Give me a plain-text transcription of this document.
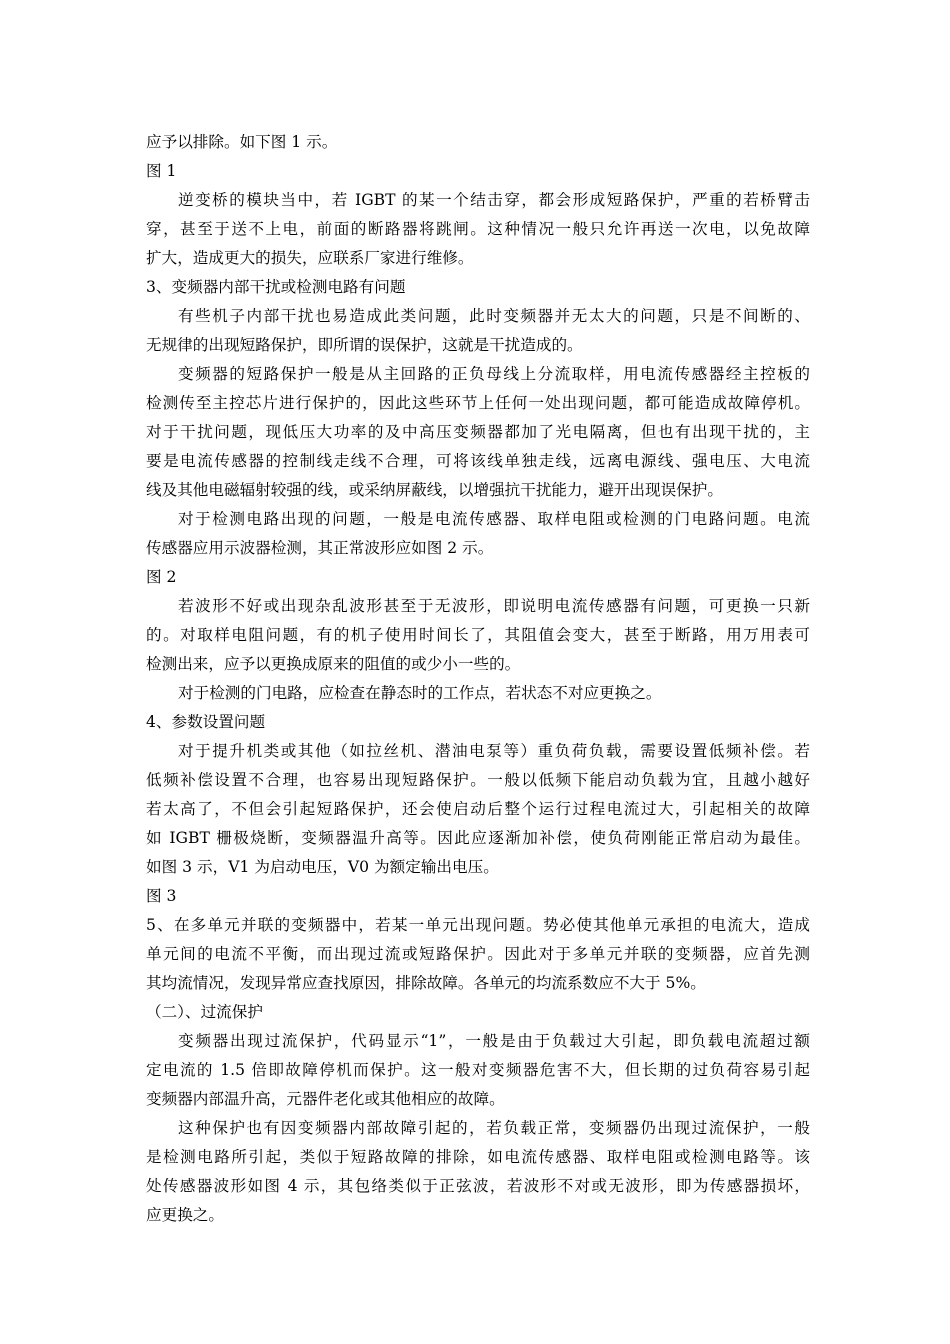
应予以排除。如下图 1 示。
图 1
逆变桥的模块当中，若 IGBT 的某一个结击穿，都会形成短路保护，严重的若桥臂击
穿，甚至于送不上电，前面的断路器将跳闸。这种情况一般只允许再送一次电，以免故障
扩大，造成更大的损失，应联系厂家进行维修。
3、变频器内部干扰或检测电路有问题
有些机子内部干扰也易造成此类问题，此时变频器并无太大的问题，只是不间断的、
无规律的出现短路保护，即所谓的误保护，这就是干扰造成的。
变频器的短路保护一般是从主回路的正负母线上分流取样，用电流传感器经主控板的
检测传至主控芯片进行保护的，因此这些环节上任何一处出现问题，都可能造成故障停机。
对于干扰问题，现低压大功率的及中高压变频器都加了光电隔离，但也有出现干扰的，主
要是电流传感器的控制线走线不合理，可将该线单独走线，远离电源线、强电压、大电流
线及其他电磁辐射较强的线，或采纳屏蔽线，以增强抗干扰能力，避开出现误保护。
对于检测电路出现的问题，一般是电流传感器、取样电阻或检测的门电路问题。电流
传感器应用示波器检测，其正常波形应如图 2 示。
图 2
若波形不好或出现杂乱波形甚至于无波形，即说明电流传感器有问题，可更换一只新
的。对取样电阻问题，有的机子使用时间长了，其阻值会变大，甚至于断路，用万用表可
检测出来，应予以更换成原来的阻值的或少小一些的。
对于检测的门电路，应检查在静态时的工作点，若状态不对应更换之。
4、参数设置问题
对于提升机类或其他（如拉丝机、潜油电泵等）重负荷负载，需要设置低频补偿。若
低频补偿设置不合理，也容易出现短路保护。一般以低频下能启动负载为宜，且越小越好
若太高了，不但会引起短路保护，还会使启动后整个运行过程电流过大，引起相关的故障
如 IGBT 栅极烧断，变频器温升高等。因此应逐渐加补偿，使负荷刚能正常启动为最佳。
如图 3 示，V1 为启动电压，V0 为额定输出电压。
图 3
5、在多单元并联的变频器中，若某一单元出现问题。势必使其他单元承担的电流大，造成
单元间的电流不平衡，而出现过流或短路保护。因此对于多单元并联的变频器，应首先测
其均流情况，发现异常应查找原因，排除故障。各单元的均流系数应不大于 5%。
（二）、过流保护
变频器出现过流保护，代码显示“1”，一般是由于负载过大引起，即负载电流超过额
定电流的 1.5 倍即故障停机而保护。这一般对变频器危害不大，但长期的过负荷容易引起
变频器内部温升高，元器件老化或其他相应的故障。
这种保护也有因变频器内部故障引起的，若负载正常，变频器仍出现过流保护，一般
是检测电路所引起，类似于短路故障的排除，如电流传感器、取样电阻或检测电路等。该
处传感器波形如图 4 示，其包络类似于正弦波，若波形不对或无波形，即为传感器损坏，
应更换之。
